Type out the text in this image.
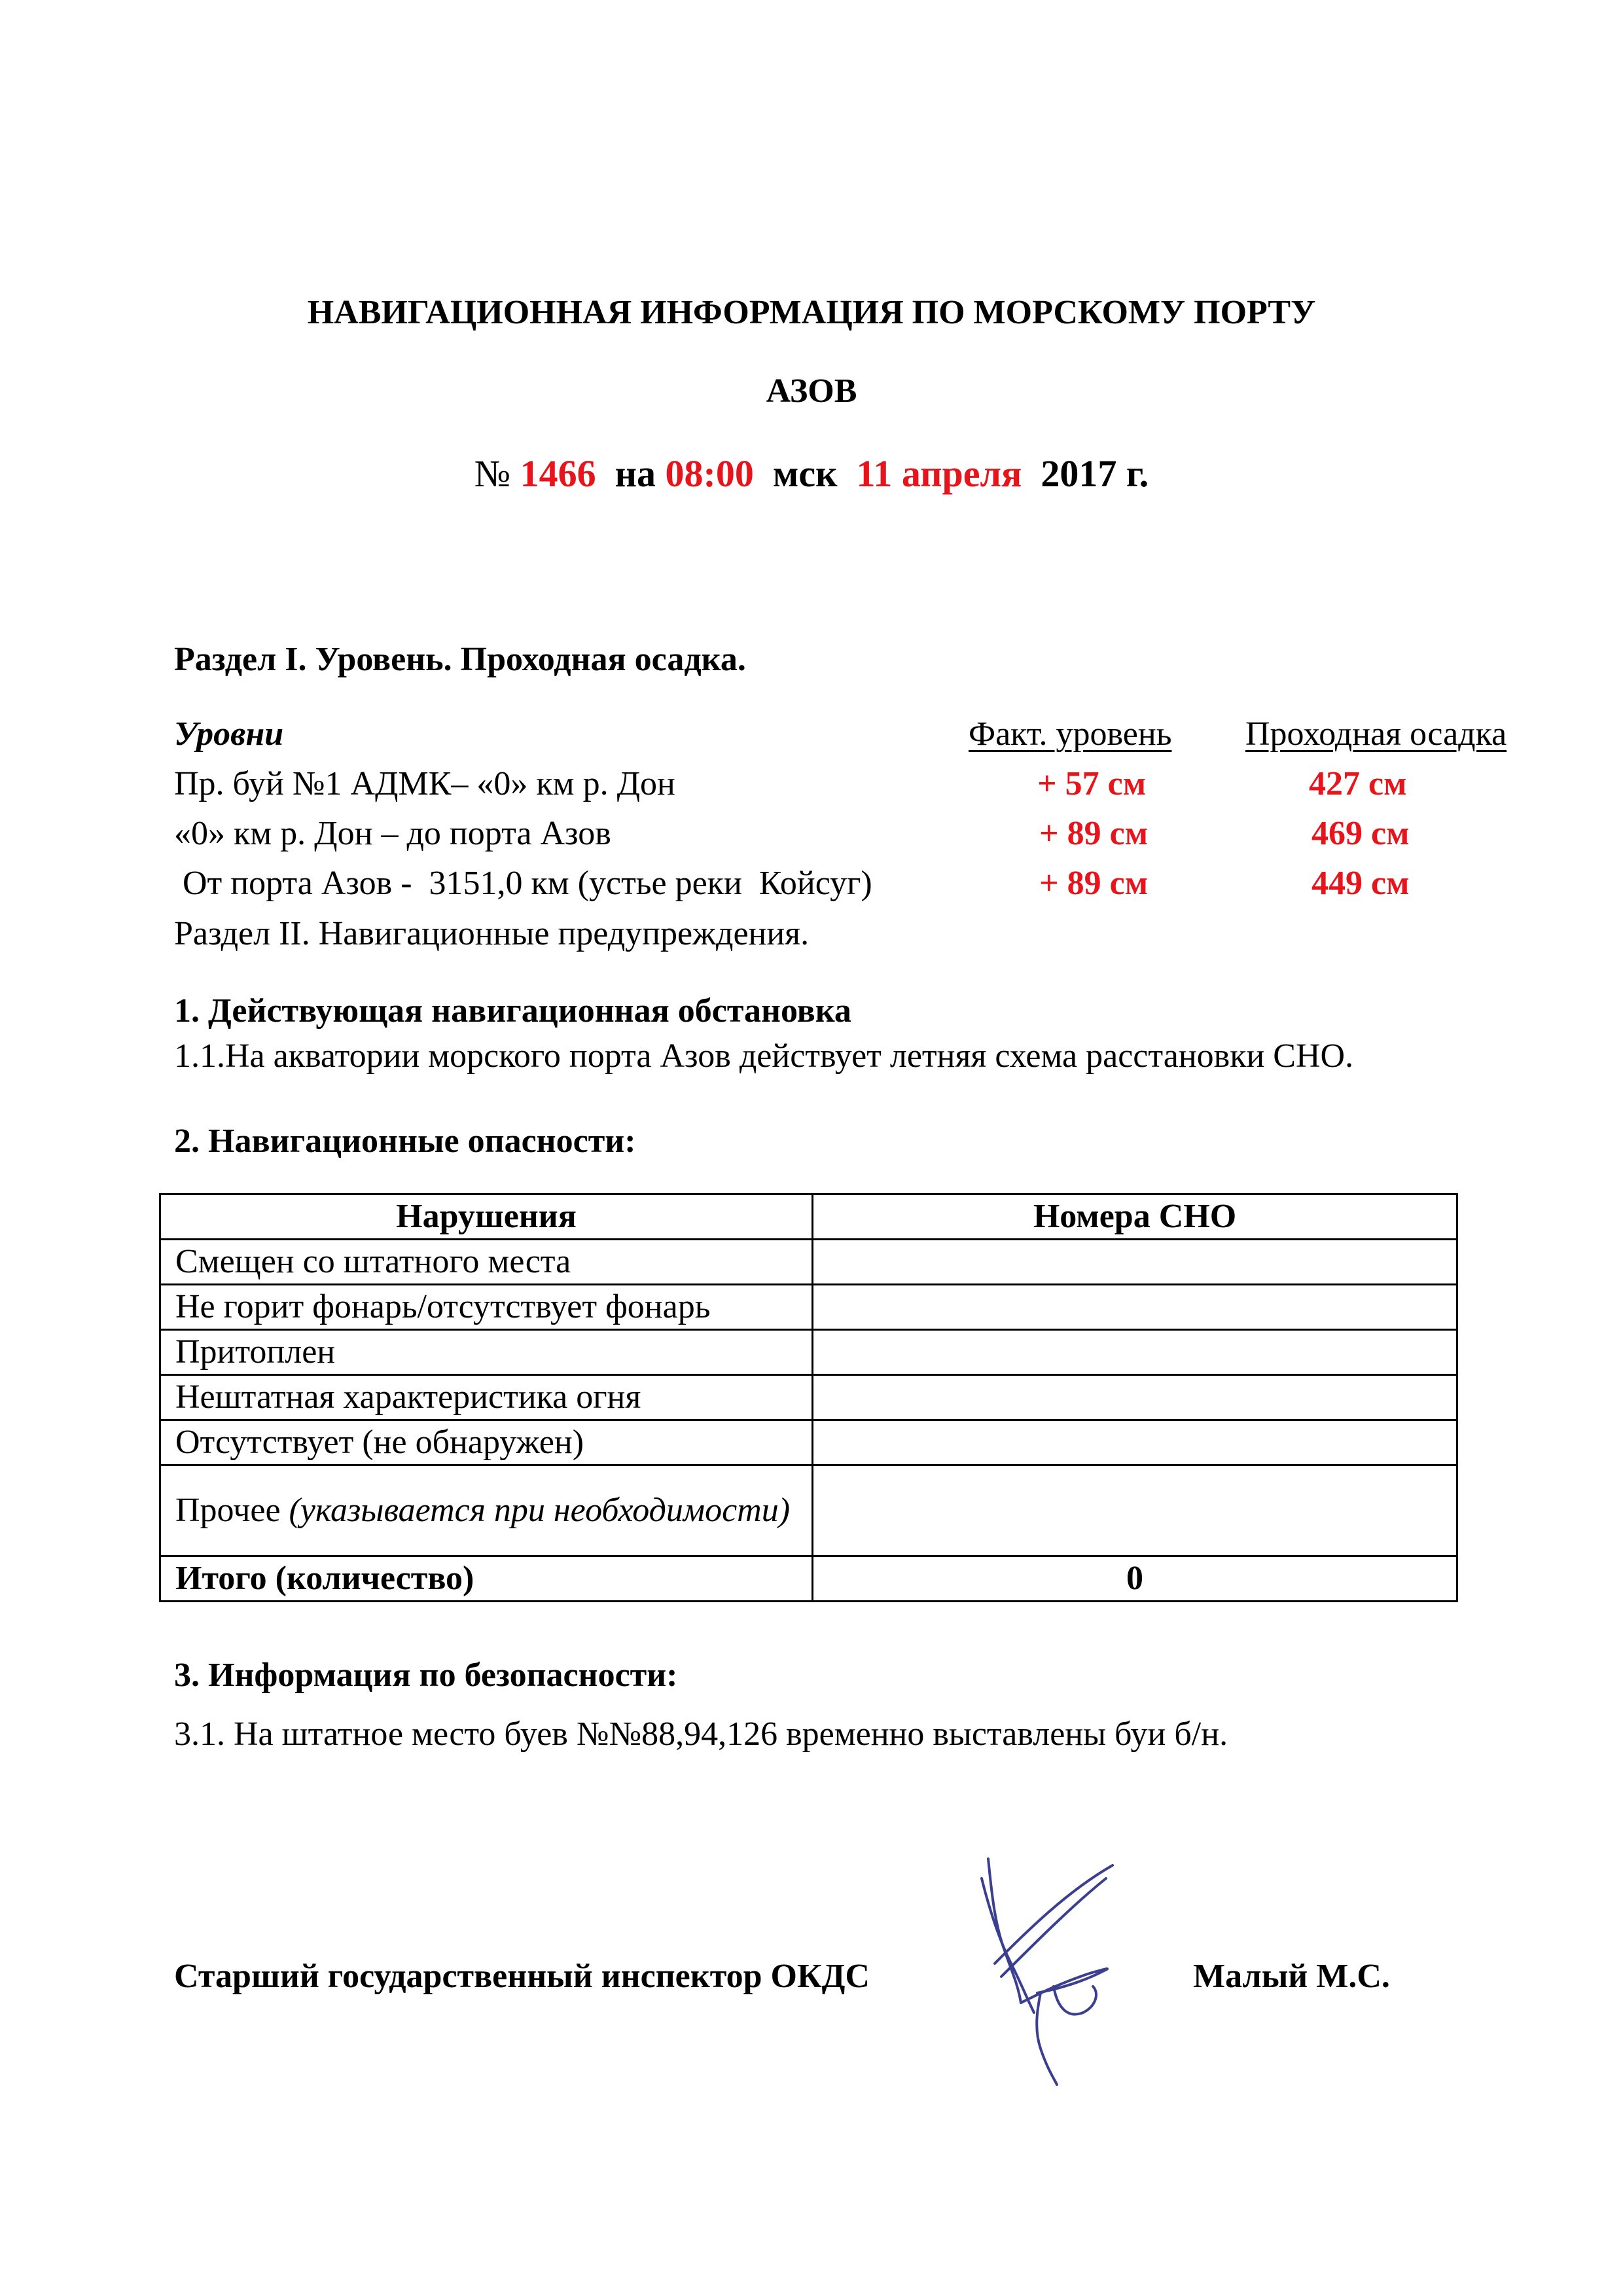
НАВИГАЦИОННАЯ ИНФОРМАЦИЯ ПО МОРСКОМУ ПОРТУ
АЗОВ
№ 1466 на 08:00 мск 11 апреля 2017 г.
Раздел I. Уровень. Проходная осадка.
Уровни	Факт. уровень Проходная осадка
Пр. буй №1 АДМК– «0» км р. Дон	+ 57 см	427 см
«0» км р. Дон – до порта Азов	+ 89 см	469 см
От порта Азов -  3151,0 км (устье реки  Койсуг)	+ 89 см	449 см
Раздел II. Навигационные предупреждения.
1. Действующая навигационная обстановка
1.1.На акватории морского порта Азов действует летняя схема расстановки СНО.
2. Навигационные опасности:
Нарушения	Номера СНО
Смещен со штатного места	
Не горит фонарь/отсутствует фонарь	
Притоплен	
Нештатная характеристика огня	
Отсутствует (не обнаружен)	
Прочее (указывается при необходимости)	
Итого (количество)	0
3. Информация по безопасности:
3.1. На штатное место буев №№88,94,126 временно выставлены буи б/н.
Старший государственный инспектор ОКДС	Малый М.С.
